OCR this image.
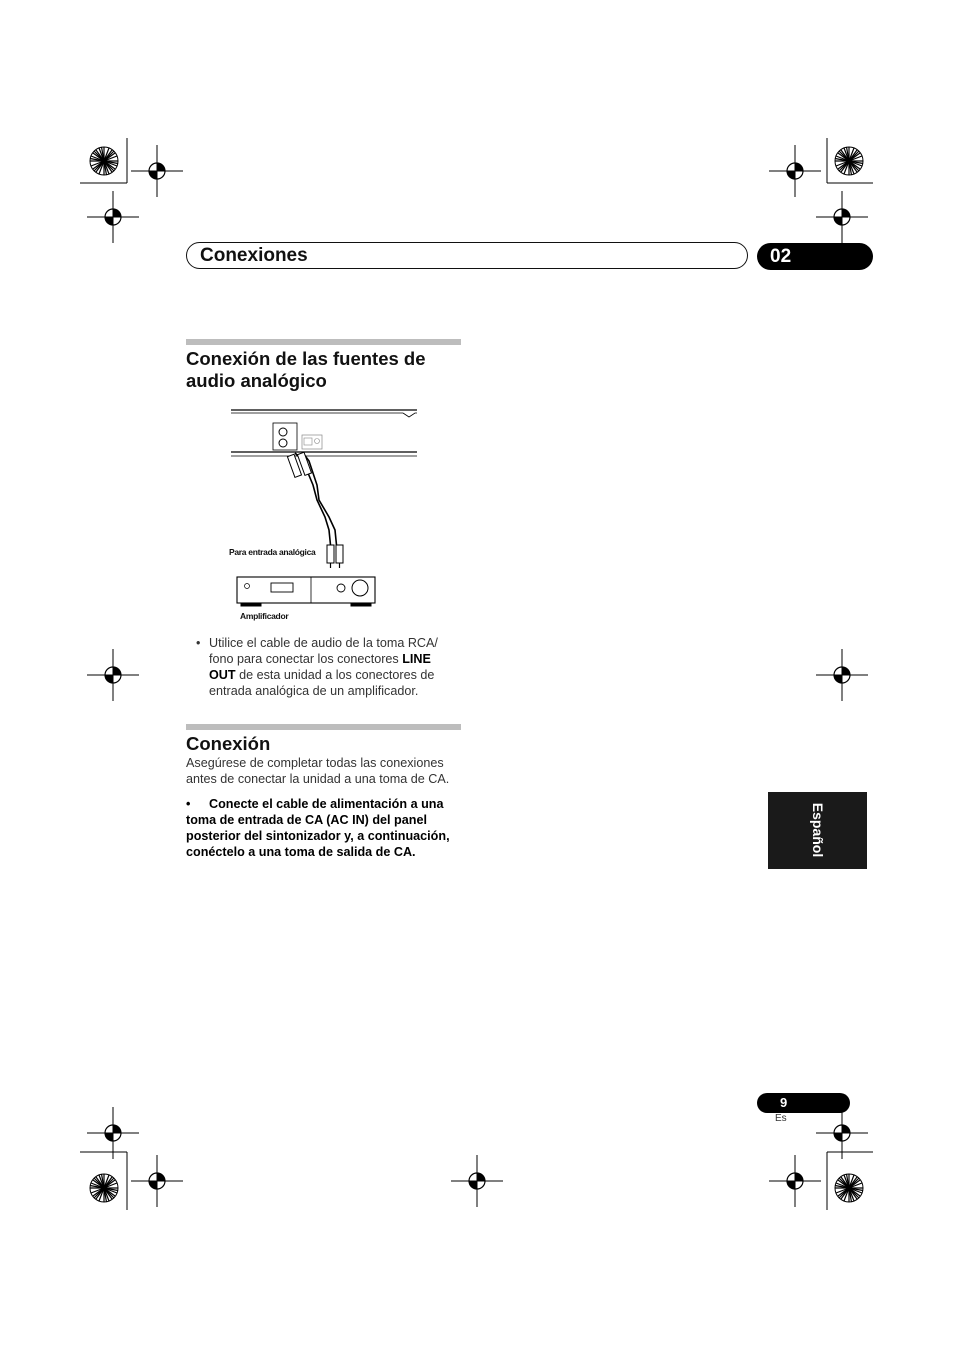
Conexiones	02
Conexión de las fuentes de
audio analógico
Para entrada analógica
Amplificador
• Utilice el cable de audio de la toma RCA/
fono para conectar los conectores LINE
OUT de esta unidad a los conectores de
entrada analógica de un amplificador.
Conexión
Asegúrese de completar todas las conexiones
antes de conectar la unidad a una toma de CA.
•	Conecte el cable de alimentación a una
toma de entrada de CA (AC IN) del panel
posterior del sintonizador y, a continuación,
conéctelo a una toma de salida de CA.	Español
9
Es
